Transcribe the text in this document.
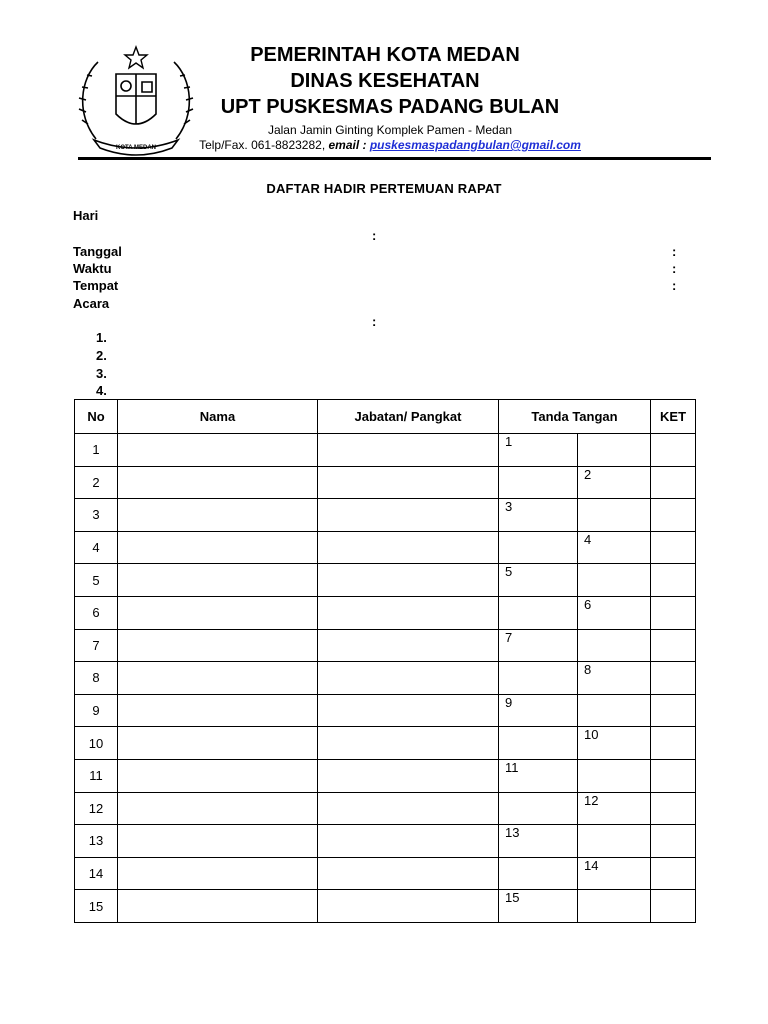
KOTA MEDAN
PEMERINTAH KOTA MEDAN
DINAS KESEHATAN
UPT PUSKESMAS PADANG BULAN
Jalan Jamin Ginting Komplek Pamen - Medan
Telp/Fax. 061-8823282, email : puskesmaspadangbulan@gmail.com
DAFTAR HADIR PERTEMUAN RAPAT
Hari
:
Tanggal	:
Waktu	:
Tempat	:
Acara
:
1.
2.
3.
4.
No	Nama	Jabatan/ Pangkat	Tanda Tangan		KET
1			1		

2				2	

3			3		

4				4	

5			5		

6				6	

7			7		

8				8	

9			9		

10				10	

11			11		

12				12	

13			13		

14				14	

15			15		
